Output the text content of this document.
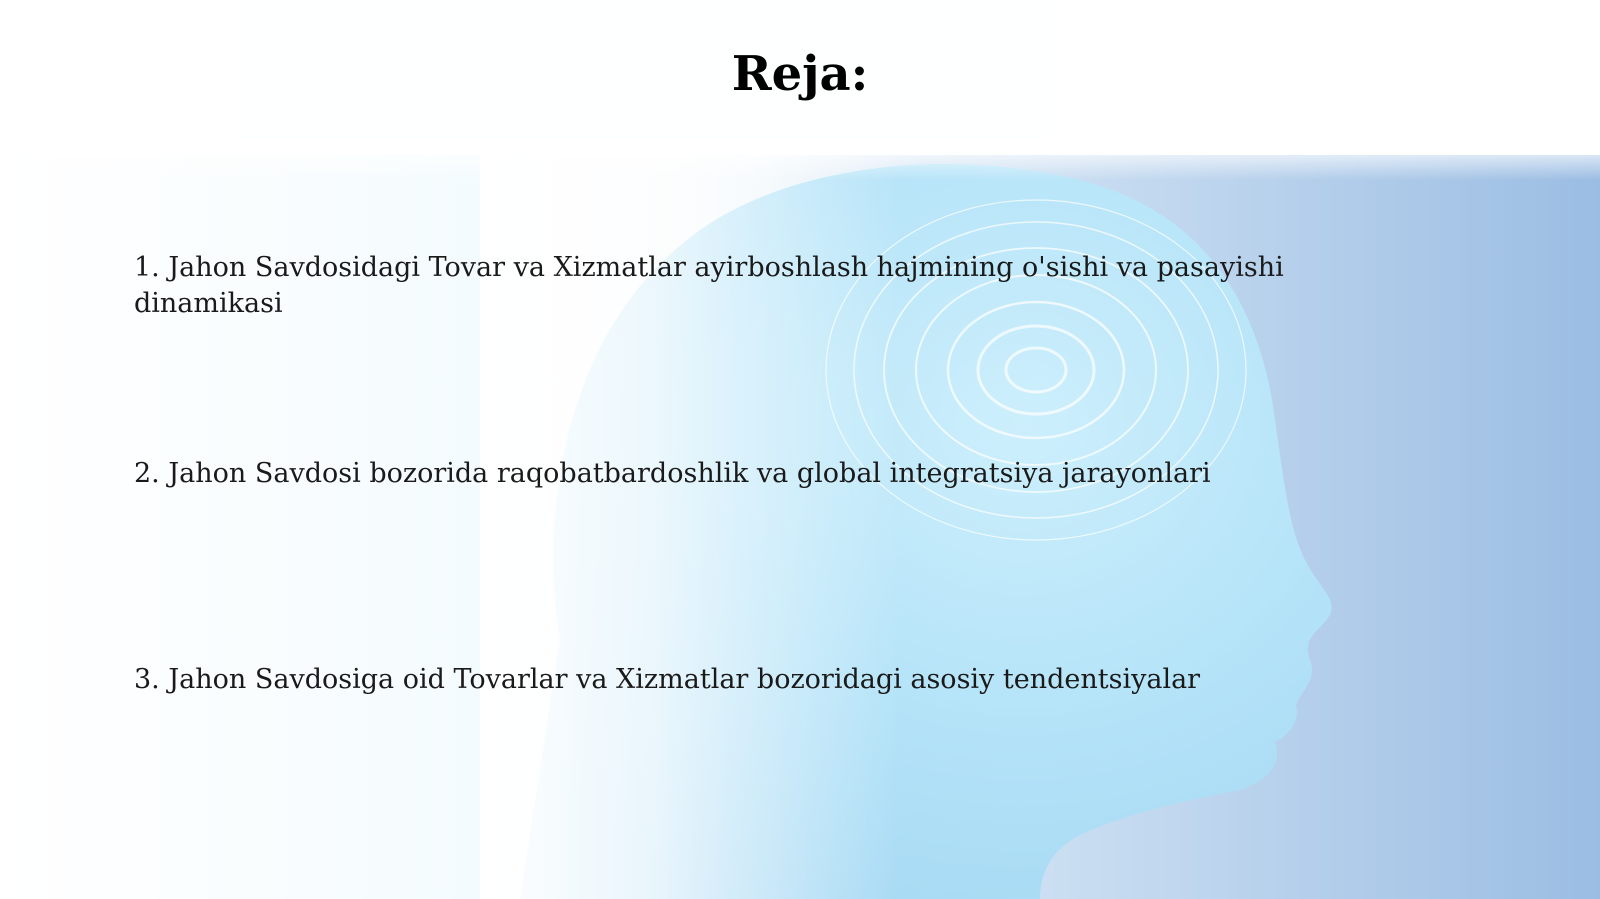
Reja:
1. Jahon Savdosidagi Tovar va Xizmatlar ayirboshlash hajmining o'sishi va pasayishi dinamikasi
2. Jahon Savdosi bozorida raqobatbardoshlik va global integratsiya jarayonlari
3. Jahon Savdosiga oid Tovarlar va Xizmatlar bozoridagi asosiy tendentsiyalar
